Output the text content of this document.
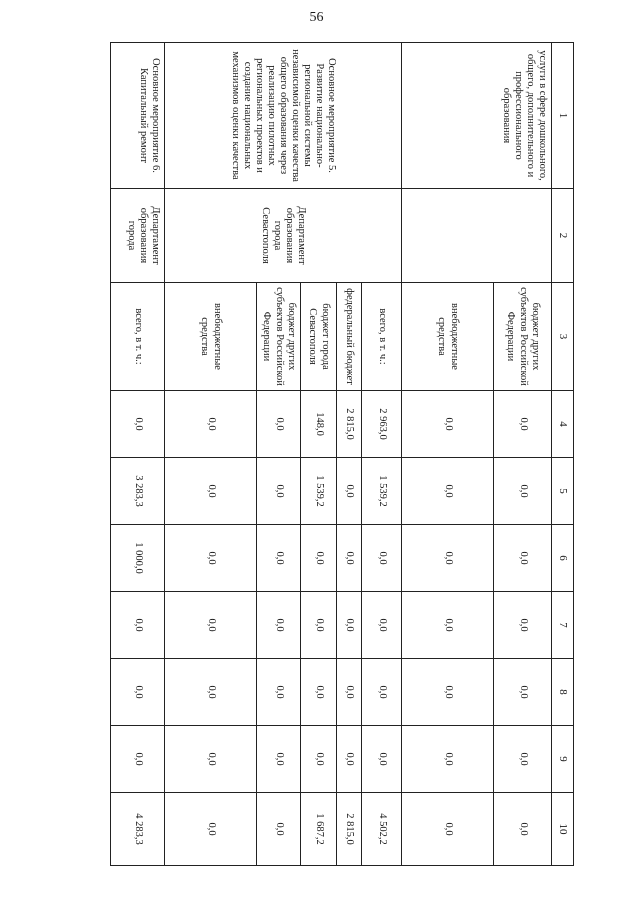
56
1	2	3	4	5	6	7	8	9	10
услуги в сфере дошкольного, общего, дополнительного и профессионального образования		бюджет других субъектов Российской Федерации	0,0	0,0	0,0	0,0	0,0	0,0	0,0
		внебюджетные средства	0,0	0,0	0,0	0,0	0,0	0,0	0,0
Основное мероприятие 5. Развитие национально-региональной системы независимой оценки качества общего образования через реализацию пилотных региональных проектов и создание национальных механизмов оценки качества	Департамент образования города Севастополя	всего, в т. ч.:	2 963,0	1 539,2	0,0	0,0	0,0	0,0	4 502,2
		федеральный бюджет	2 815,0	0,0	0,0	0,0	0,0	0,0	2 815,0
		бюджет города Севастополя	148,0	1 539,2	0,0	0,0	0,0	0,0	1 687,2
		бюджет других субъектов Российской Федерации	0,0	0,0	0,0	0,0	0,0	0,0	0,0
		внебюджетные средства	0,0	0,0	0,0	0,0	0,0	0,0	0,0
Основное мероприятие 6. Капитальный ремонт	Департамент образования города	всего, в т. ч.:	0,0	3 283,3	1 000,0	0,0	0,0	0,0	4 283,3
